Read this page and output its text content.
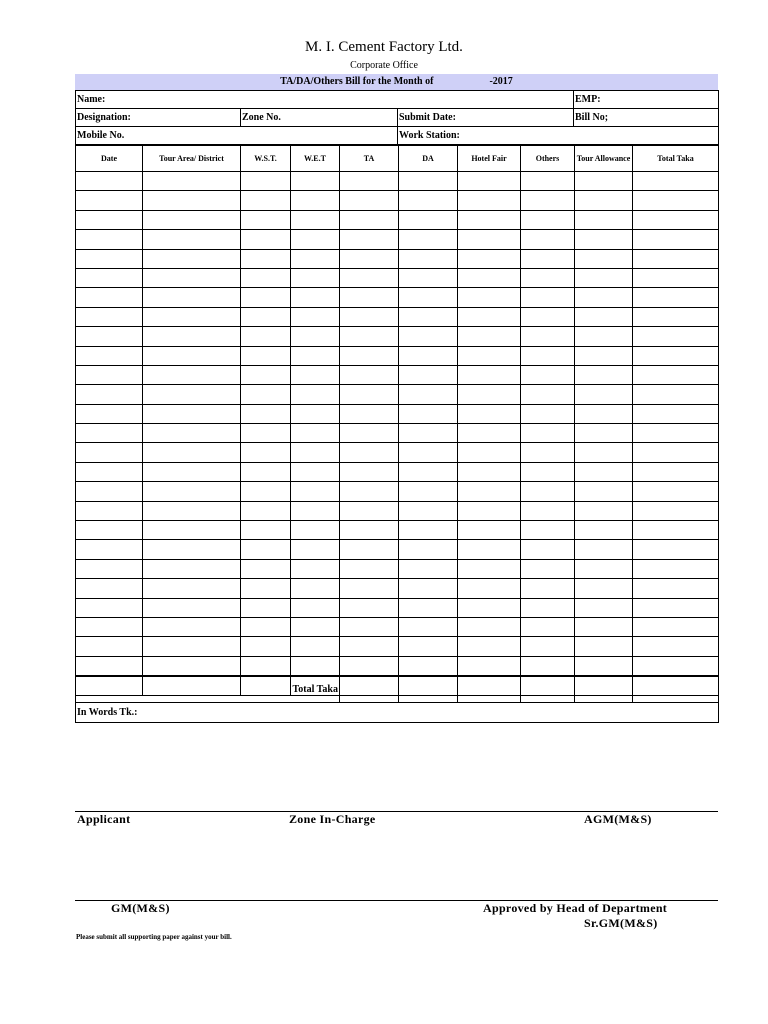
M. I. Cement Factory Ltd.
Corporate Office
TA/DA/Others Bill for the Month of	-2017
Name:			EMP:
Designation:	Zone No.	Submit Date:	Bill No;
Mobile No.		Work Station:	
Date	Tour Area/ District	W.S.T.	W.E.T	TA	DA	Hotel Fair	Others	Tour Allowance	Total Taka

Total Taka						
In Words Tk.:
Applicant	Zone In-Charge	AGM(M&S)
GM(M&S)	Approved by Head of Department
Sr.GM(M&S)
Please submit all supporting paper against your bill.
